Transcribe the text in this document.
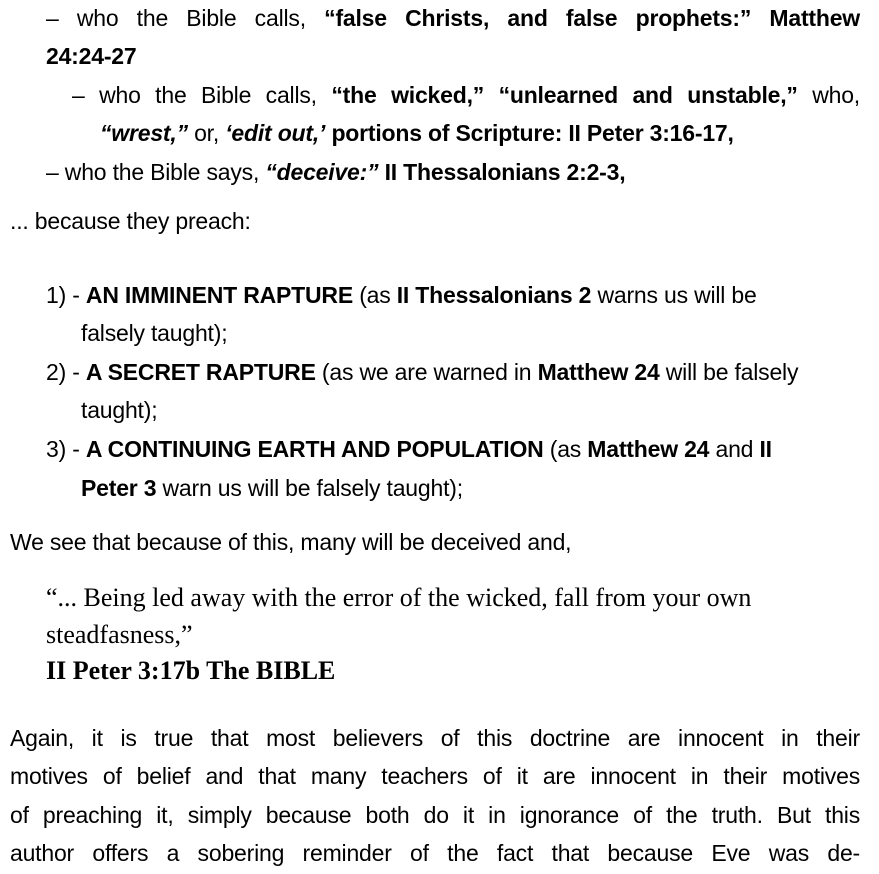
– who the Bible calls, “false Christs, and false prophets:” Matthew
24:24-27
– who the Bible calls, “the wicked,” “unlearned and unstable,” who,
“wrest,” or, ‘edit out,’ portions of Scripture: II Peter 3:16-17,
– who the Bible says, “deceive:” II Thessalonians 2:2-3,
... because they preach:
1) - AN IMMINENT RAPTURE (as II Thessalonians 2 warns us will be
falsely taught);
2) - A SECRET RAPTURE (as we are warned in Matthew 24 will be falsely
taught);
3) - A CONTINUING EARTH AND POPULATION (as Matthew 24 and II
Peter 3 warn us will be falsely taught);
We see that because of this, many will be deceived and,
“... Being led away with the error of the wicked, fall from your own
steadfasness,”
II Peter 3:17b The BIBLE
Again, it is true that most believers of this doctrine are innocent in their
motives of belief and that many teachers of it are innocent in their motives
of preaching it, simply because both do it in ignorance of the truth. But this
author offers a sobering reminder of the fact that because Eve was de-
